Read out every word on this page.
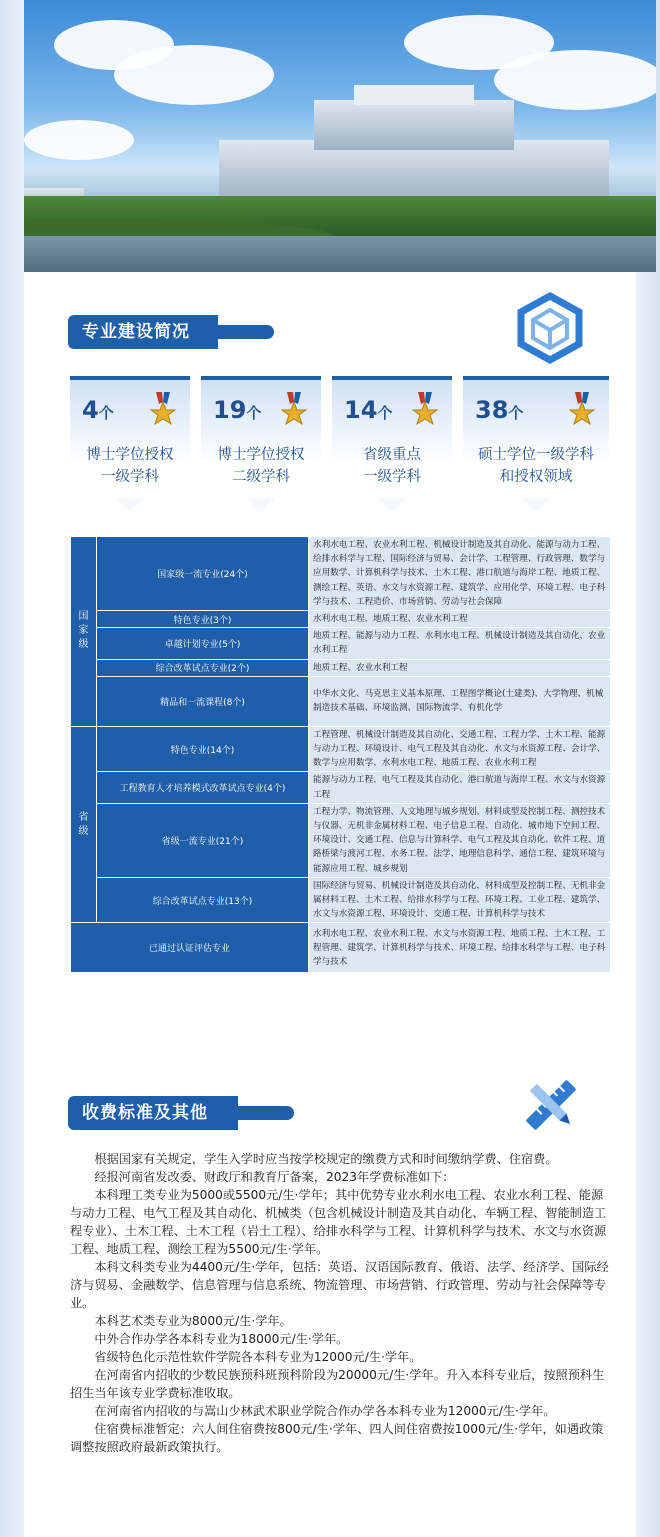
专业建设简况
4个
博士学位授权一级学科
19个
博士学位授权二级学科
14个
省级重点一级学科
38个
硕士学位一级学科和授权领域
国家级	国家级一流专业(24个)	水利水电工程、农业水利工程、机械设计制造及其自动化、能源与动力工程、给排水科学与工程、国际经济与贸易、会计学、工程管理、行政管理、数学与应用数学、计算机科学与技术、土木工程、港口航道与海岸工程、地质工程、测绘工程、英语、水文与水资源工程、建筑学、应用化学、环境工程、电子科学与技术、工程造价、市场营销、劳动与社会保障
	特色专业(3个)	水利水电工程、地质工程、农业水利工程
	卓越计划专业(5个)	地质工程、能源与动力工程、水利水电工程、机械设计制造及其自动化、农业水利工程
	综合改革试点专业(2个)	地质工程、农业水利工程
	精品和一流课程(8个)	中华水文化、马克思主义基本原理、工程图学概论(土建类)、大学物理、机械制造技术基础、环境监测、国际物流学、有机化学
省级	特色专业(14个)	工程管理、机械设计制造及其自动化、交通工程、工程力学、土木工程、能源与动力工程、环境设计、电气工程及其自动化、水文与水资源工程、会计学、数学与应用数学、水利水电工程、地质工程、农业水利工程
	工程教育人才培养模式改革试点专业(4个)	能源与动力工程、电气工程及其自动化、港口航道与海岸工程、水文与水资源工程
	省级一流专业(21个)	工程力学、物流管理、人文地理与城乡规划、材料成型及控制工程、测控技术与仪器、无机非金属材料工程、电子信息工程、自动化、城市地下空间工程、环境设计、交通工程、信息与计算科学、电气工程及其自动化、软件工程、道路桥梁与渡河工程、水务工程、法学、地理信息科学、通信工程、建筑环境与能源应用工程、城乡规划
	综合改革试点专业(13个)	国际经济与贸易、机械设计制造及其自动化、材料成型及控制工程、无机非金属材料工程、土木工程、给排水科学与工程、环境工程、工业工程、建筑学、水文与水资源工程、环境设计、交通工程、计算机科学与技术
已通过认证评估专业		水利水电工程、农业水利工程、水文与水资源工程、地质工程、土木工程、工程管理、建筑学、计算机科学与技术、环境工程、给排水科学与工程、电子科学与技术
收费标准及其他

根据国家有关规定，学生入学时应当按学校规定的缴费方式和时间缴纳学费、住宿费。

经报河南省发改委、财政厅和教育厅备案，2023年学费标准如下：

本科理工类专业为5000或5500元/生·学年；其中优势专业水利水电工程、农业水利工程、能源与动力工程、电气工程及其自动化、机械类（包含机械设计制造及其自动化、车辆工程、智能制造工程专业）、土木工程、土木工程（岩土工程）、给排水科学与工程、计算机科学与技术、水文与水资源工程、地质工程、测绘工程为5500元/生·学年。

本科文科类专业为4400元/生·学年，包括：英语、汉语国际教育、俄语、法学、经济学、国际经济与贸易、金融数学、信息管理与信息系统、物流管理、市场营销、行政管理、劳动与社会保障等专业。

本科艺术类专业为8000元/生·学年。

中外合作办学各本科专业为18000元/生·学年。

省级特色化示范性软件学院各本科专业为12000元/生·学年。

在河南省内招收的少数民族预科班预科阶段为20000元/生·学年。升入本科专业后，按照预科生招生当年该专业学费标准收取。

在河南省内招收的与嵩山少林武术职业学院合作办学各本科专业为12000元/生·学年。

住宿费标准暂定：六人间住宿费按800元/生·学年、四人间住宿费按1000元/生·学年，如遇政策调整按照政府最新政策执行。
